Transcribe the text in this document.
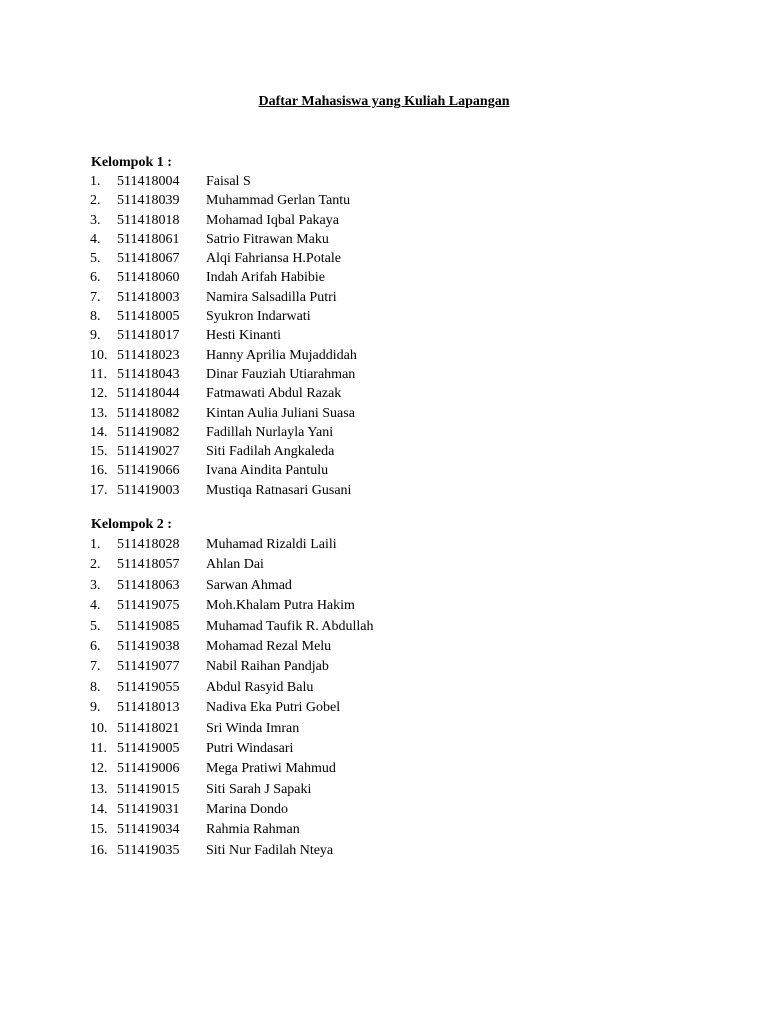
Daftar Mahasiswa yang Kuliah Lapangan
Kelompok 1 :
1. 511418004 Faisal S
2. 511418039 Muhammad Gerlan Tantu
3. 511418018 Mohamad Iqbal Pakaya
4. 511418061 Satrio Fitrawan Maku
5. 511418067 Alqi Fahriansa H.Potale
6. 511418060 Indah Arifah Habibie
7. 511418003 Namira Salsadilla Putri
8. 511418005 Syukron Indarwati
9. 511418017 Hesti Kinanti
10. 511418023 Hanny Aprilia Mujaddidah
11. 511418043 Dinar Fauziah Utiarahman
12. 511418044 Fatmawati Abdul Razak
13. 511418082 Kintan Aulia Juliani Suasa
14. 511419082 Fadillah Nurlayla Yani
15. 511419027 Siti Fadilah Angkaleda
16. 511419066 Ivana Aindita Pantulu
17. 511419003 Mustiqa Ratnasari Gusani
Kelompok 2 :
1. 511418028 Muhamad Rizaldi Laili
2. 511418057 Ahlan Dai
3. 511418063 Sarwan Ahmad
4. 511419075 Moh.Khalam Putra Hakim
5. 511419085 Muhamad Taufik R. Abdullah
6. 511419038 Mohamad Rezal Melu
7. 511419077 Nabil Raihan Pandjab
8. 511419055 Abdul Rasyid Balu
9. 511418013 Nadiva Eka Putri Gobel
10. 511418021 Sri Winda Imran
11. 511419005 Putri Windasari
12. 511419006 Mega Pratiwi Mahmud
13. 511419015 Siti Sarah J Sapaki
14. 511419031 Marina Dondo
15. 511419034 Rahmia Rahman
16. 511419035 Siti Nur Fadilah Nteya
